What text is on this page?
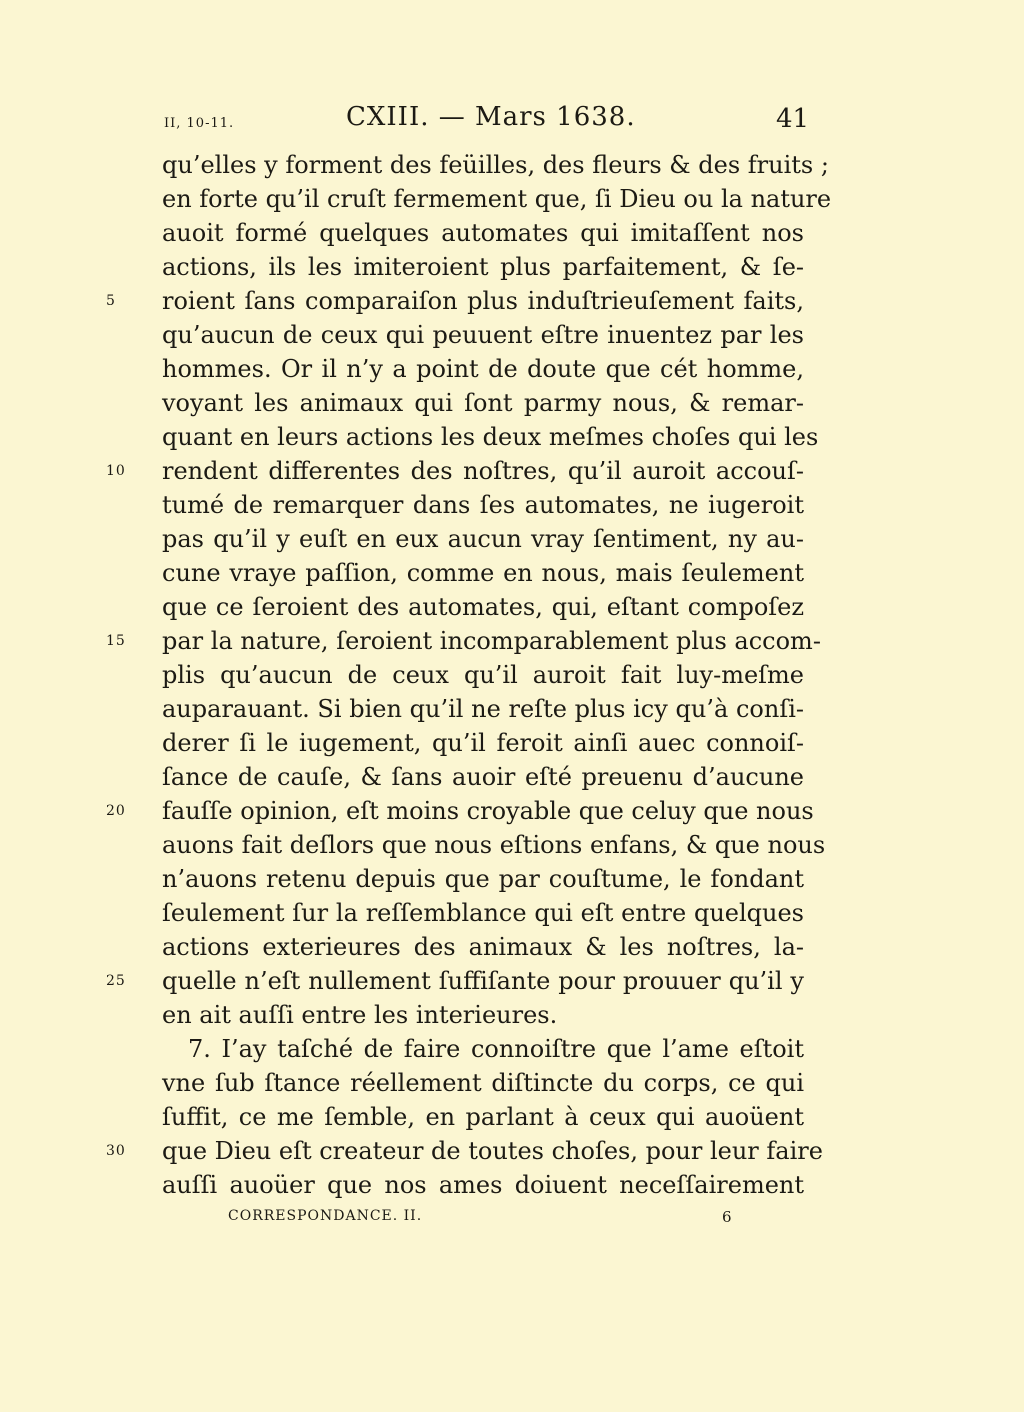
II, 10-11.	CXIII. — Mars 1638.	41
qu’elles y forment des feüilles, des fleurs & des fruits ;
en forte qu’il cruſt fermement que, ſi Dieu ou la nature
auoit formé quelques automates qui imitaſſent nos
actions, ils les imiteroient plus parfaitement, & ſe-
roient ſans comparaiſon plus induſtrieuſement faits,
5
qu’aucun de ceux qui peuuent eſtre inuentez par les
hommes. Or il n’y a point de doute que cét homme,
voyant les animaux qui ſont parmy nous, & remar-
quant en leurs actions les deux meſmes choſes qui les
rendent differentes des noſtres, qu’il auroit accouſ-
10
tumé de remarquer dans ſes automates, ne iugeroit
pas qu’il y euſt en eux aucun vray ſentiment, ny au-
cune vraye paſſion, comme en nous, mais ſeulement
que ce ſeroient des automates, qui, eſtant compoſez
par la nature, ſeroient incomparablement plus accom-
15
plis qu’aucun de ceux qu’il auroit fait luy-meſme
auparauant. Si bien qu’il ne reſte plus icy qu’à conſi-
derer ſi le iugement, qu’il feroit ainſi auec connoiſ-
ſance de cauſe, & ſans auoir eſté preuenu d’aucune
fauſſe opinion, eſt moins croyable que celuy que nous
20
auons fait deſlors que nous eſtions enfans, & que nous
n’auons retenu depuis que par couſtume, le fondant
ſeulement ſur la reſſemblance qui eſt entre quelques
actions exterieures des animaux & les noſtres, la-
quelle n’eſt nullement ſuffiſante pour prouuer qu’il y
25
en ait auſſi entre les interieures.
7. I’ay taſché de faire connoiſtre que l’ame eſtoit
vne ſub ſtance réellement diſtincte du corps, ce qui
ſuffit, ce me ſemble, en parlant à ceux qui auoüent
que Dieu eſt createur de toutes choſes, pour leur faire
30
auſſi auoüer que nos ames doiuent neceſſairement
CORRESPONDANCE. II.	6
